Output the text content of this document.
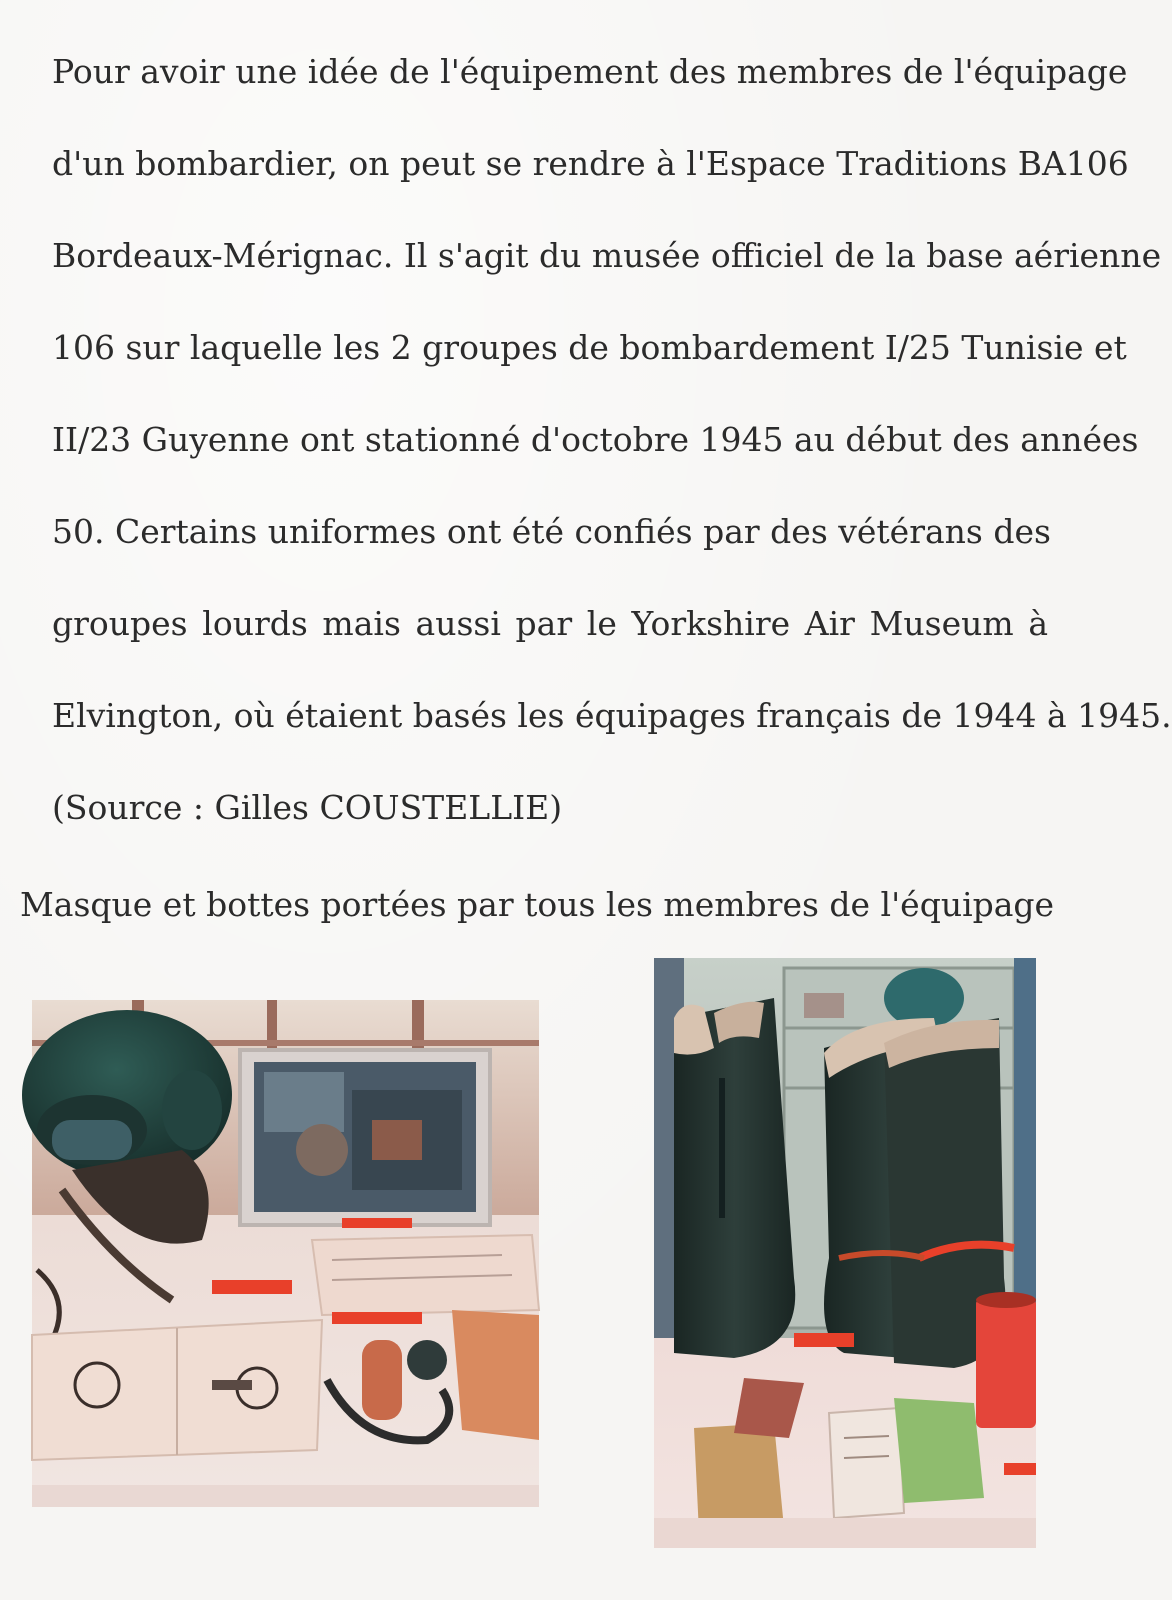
Pour avoir une idée de l'équipement des membres de l'équipage
d'un bombardier, on peut se rendre à l'Espace Traditions BA106
Bordeaux-Mérignac. Il s'agit du musée officiel de la base aérienne
106 sur laquelle les 2 groupes de bombardement I/25 Tunisie et
II/23 Guyenne ont stationné d'octobre 1945 au début des années
50. Certains uniformes ont été confiés par des vétérans des
groupes lourds mais aussi par le Yorkshire Air Museum à
Elvington, où étaient basés les équipages français de 1944 à 1945.
(Source : Gilles COUSTELLIE)

Masque et bottes portées par tous les membres de l'équipage
